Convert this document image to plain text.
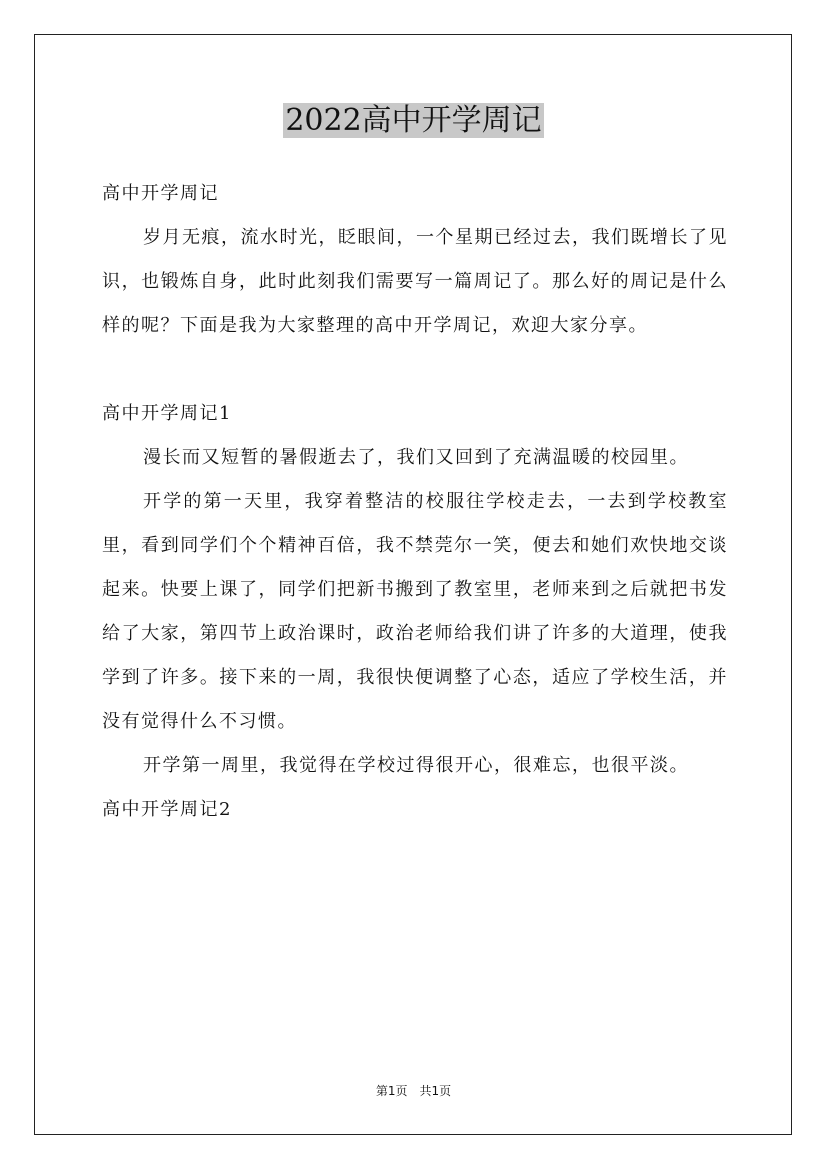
2022高中开学周记

高中开学周记

岁月无痕，流水时光，眨眼间，一个星期已经过去，我们既增长了见识，也锻炼自身，此时此刻我们需要写一篇周记了。那么好的周记是什么样的呢？下面是我为大家整理的高中开学周记，欢迎大家分享。

高中开学周记1

漫长而又短暂的暑假逝去了，我们又回到了充满温暖的校园里。

开学的第一天里，我穿着整洁的校服往学校走去，一去到学校教室里，看到同学们个个精神百倍，我不禁莞尔一笑，便去和她们欢快地交谈起来。快要上课了，同学们把新书搬到了教室里，老师来到之后就把书发给了大家，第四节上政治课时，政治老师给我们讲了许多的大道理，使我学到了许多。接下来的一周，我很快便调整了心态，适应了学校生活，并没有觉得什么不习惯。

开学第一周里，我觉得在学校过得很开心，很难忘，也很平淡。

高中开学周记2

第1页　共1页
